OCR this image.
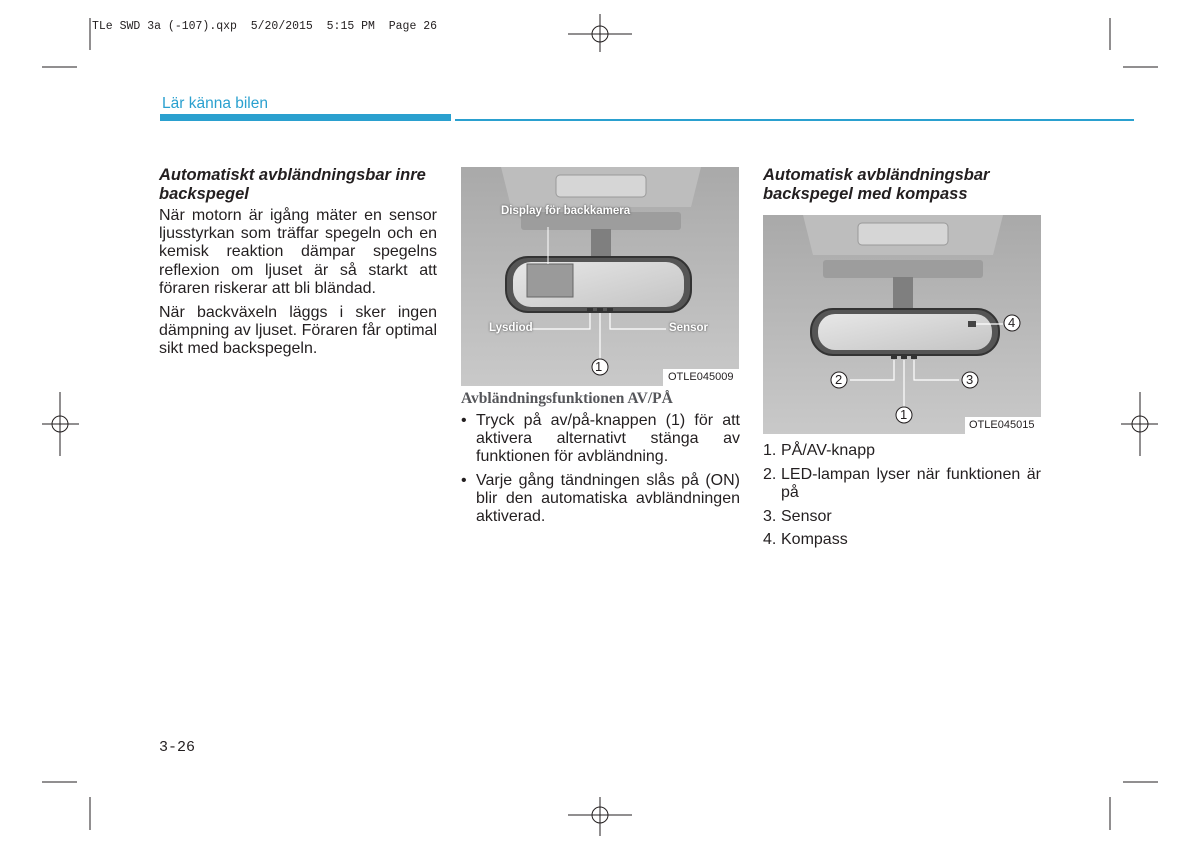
TLe SWD 3a (-107).qxp  5/20/2015  5:15 PM  Page 26
Lär känna bilen
Automatiskt avbländningsbar inre backspegel

När motorn är igång mäter en sensor ljusstyrkan som träffar spegeln och en kemisk reaktion dämpar spegelns reflexion om ljuset är så starkt att föraren riskerar att bli bländad.

När backväxeln läggs i sker ingen dämpning av ljuset. Föraren får optimal sikt med backspegeln.

Display för backkamera
Lysdiod	Sensor
1
OTLE045009
Avbländningsfunktionen AV/PÅ
• Tryck på av/på-knappen (1) för att aktivera alternativt stänga av funktionen för avbländning.
• Varje gång tändningen slås på (ON) blir den automatiska avbländningen aktiverad.
Automatisk avbländningsbar backspegel med kompass
4
2	3
1
OTLE045015
1. PÅ/AV-knapp
2. LED-lampan lyser när funktionen är på
3. Sensor
4. Kompass
3-26
